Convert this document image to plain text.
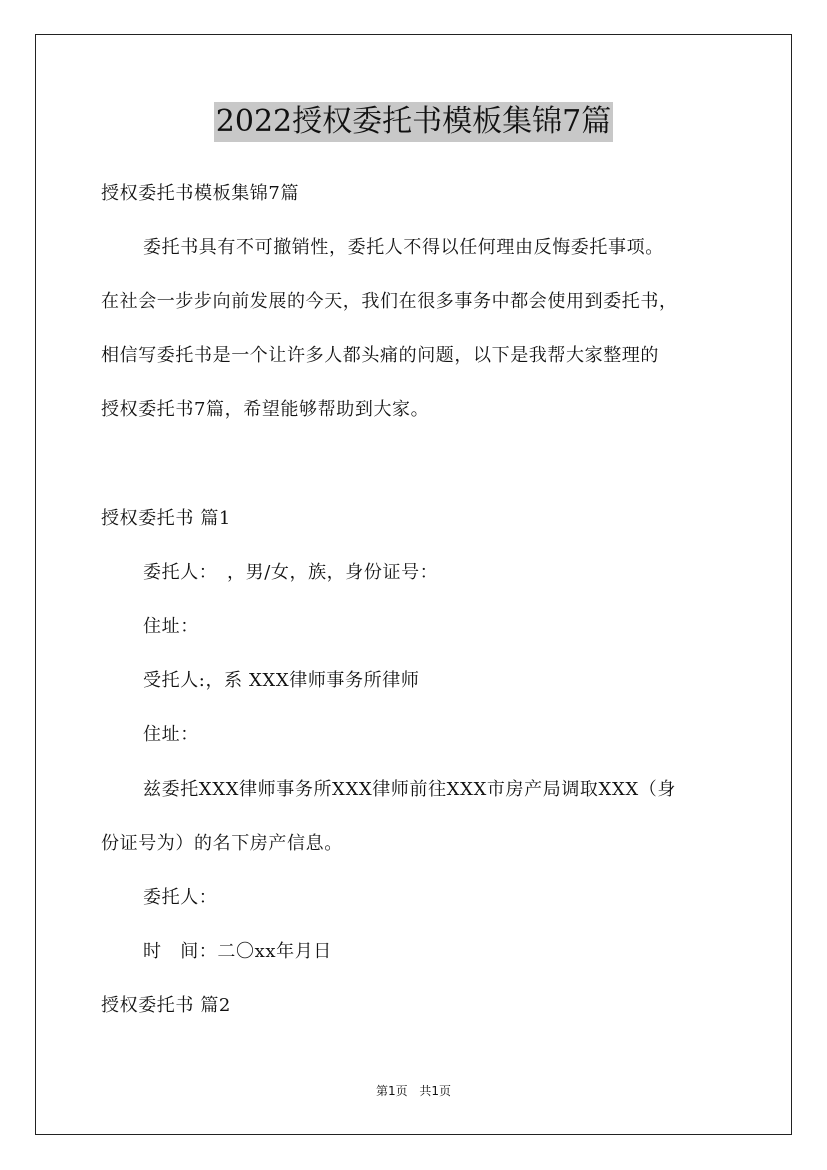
2022授权委托书模板集锦7篇
授权委托书模板集锦7篇
委托书具有不可撤销性，委托人不得以任何理由反悔委托事项。
在社会一步步向前发展的今天，我们在很多事务中都会使用到委托书，
相信写委托书是一个让许多人都头痛的问题，以下是我帮大家整理的
授权委托书7篇，希望能够帮助到大家。
授权委托书 篇1
委托人：　，男/女，族，身份证号：
住址：
受托人:，系 XXX律师事务所律师
住址：
兹委托XXX律师事务所XXX律师前往XXX市房产局调取XXX（身
份证号为）的名下房产信息。
委托人：
时　间：二〇xx年月日
授权委托书 篇2
第1页 共1页
